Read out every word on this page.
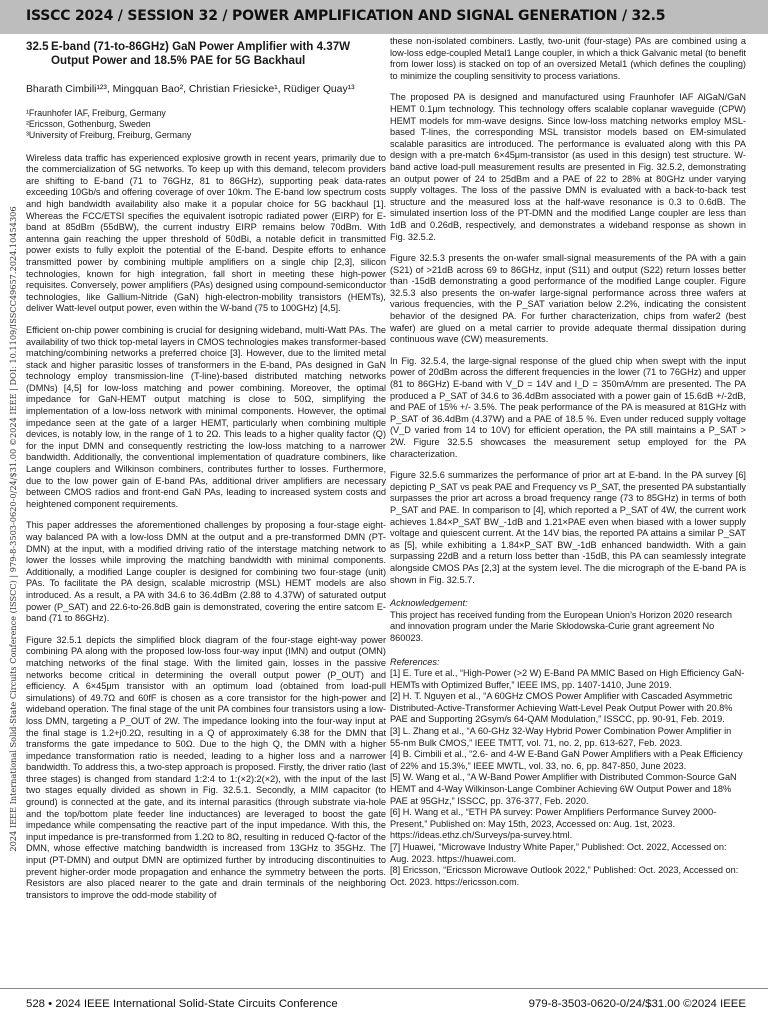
ISSCC 2024 / SESSION 32 / POWER AMPLIFICATION AND SIGNAL GENERATION / 32.5
2024 IEEE International Solid-State Circuits Conference (ISSCC) | 979-8-3503-0620-0/24/$31.00 ©2024 IEEE | DOI: 10.1109/ISSCC49657.2024.10454306
32.5 E-band (71-to-86GHz) GaN Power Amplifier with 4.37W Output Power and 18.5% PAE for 5G Backhaul
Bharath Cimbili¹²³, Mingquan Bao², Christian Friesicke¹, Rüdiger Quay¹³

¹Fraunhofer IAF, Freiburg, Germany

²Ericsson, Gothenburg, Sweden

³University of Freiburg, Freiburg, Germany

Wireless data traffic has experienced explosive growth in recent years, primarily due to the commercialization of 5G networks. To keep up with this demand, telecom providers are shifting to E-band (71 to 76GHz, 81 to 86GHz), supporting peak data-rates exceeding 10Gb/s and offering coverage of over 10km. The E-band low spectrum costs and high bandwidth availability also make it a popular choice for 5G backhaul [1]. Whereas the FCC/ETSI specifies the equivalent isotropic radiated power (EIRP) for E-band at 85dBm (55dBW), the current industry EIRP remains below 70dBm. With antenna gain reaching the upper threshold of 50dBi, a notable deficit in transmitted power exists to fully exploit the potential of the E-band. Despite efforts to enhance transmitted power by combining multiple amplifiers on a single chip [2,3], silicon technologies, known for high integration, fall short in meeting these high-power requisites. Conversely, power amplifiers (PAs) designed using compound-semiconductor technologies, like Gallium-Nitride (GaN) high-electron-mobility transistors (HEMTs), deliver Watt-level output power, even within the W-band (75 to 100GHz) [4,5].

Efficient on-chip power combining is crucial for designing wideband, multi-Watt PAs. The availability of two thick top-metal layers in CMOS technologies makes transformer-based matching/combining networks a preferred choice [3]. However, due to the limited metal stack and higher parasitic losses of transformers in the E-band, PAs designed in GaN technology employ transmission-line (T-line)-based distributed matching networks (DMNs) [4,5] for low-loss matching and power combining. Moreover, the optimal impedance for GaN-HEMT output matching is close to 50Ω, simplifying the implementation of a low-loss network with minimal components. However, the optimal impedance seen at the gate of a larger HEMT, particularly when combining multiple devices, is notably low, in the range of 1 to 2Ω. This leads to a higher quality factor (Q) for the input DMN and consequently restricting the low-loss matching to a narrower bandwidth. Additionally, the conventional implementation of quadrature combiners, like Lange couplers and Wilkinson combiners, contributes further to losses. Furthermore, due to the low power gain of E-band PAs, additional driver amplifiers are necessary between CMOS radios and front-end GaN PAs, leading to increased system costs and heightened component requirements.

This paper addresses the aforementioned challenges by proposing a four-stage eight-way balanced PA with a low-loss DMN at the output and a pre-transformed DMN (PT-DMN) at the input, with a modified driving ratio of the interstage matching network to lower the losses while improving the matching bandwidth with minimal components. Additionally, a modified Lange coupler is designed for combining two four-stage (unit) PAs. To facilitate the PA design, scalable microstrip (MSL) HEMT models are also introduced. As a result, a PA with 34.6 to 36.4dBm (2.88 to 4.37W) of saturated output power (P_SAT) and 22.6-to-26.8dB gain is demonstrated, covering the entire satcom E-band (71 to 86GHz).

Figure 32.5.1 depicts the simplified block diagram of the four-stage eight-way power combining PA along with the proposed low-loss four-way input (IMN) and output (OMN) matching networks of the final stage. With the limited gain, losses in the passive networks become critical in determining the overall output power (P_OUT) and efficiency. A 6×45μm transistor with an optimum load (obtained from load-pull simulations) of 49.7Ω and 60fF is chosen as a core transistor for the high-power and wideband operation. The final stage of the unit PA combines four transistors using a low-loss DMN, targeting a P_OUT of 2W. The impedance looking into the four-way input at the final stage is 1.2+j0.2Ω, resulting in a Q of approximately 6.38 for the DMN that transforms the gate impedance to 50Ω. Due to the high Q, the DMN with a higher impedance transformation ratio is needed, leading to a higher loss and a narrower bandwidth. To address this, a two-step approach is proposed. Firstly, the driver ratio (last three stages) is changed from standard 1:2:4 to 1:(×2):2(×2), with the input of the last two stages equally divided as shown in Fig. 32.5.1. Secondly, a MIM capacitor (to ground) is connected at the gate, and its internal parasitics (through substrate via-hole and the top/bottom plate feeder line inductances) are leveraged to boost the gate impedance while compensating the reactive part of the input impedance. With this, the input impedance is pre-transformed from 1.2Ω to 8Ω, resulting in reduced Q-factor of the DMN, whose effective matching bandwidth is increased from 13GHz to 35GHz. The input (PT-DMN) and output DMN are optimized further by introducing discontinuities to prevent higher-order mode propagation and enhance the symmetry between the ports. Resistors are also placed nearer to the gate and drain terminals of the neighboring transistors to improve the odd-mode stability of

these non-isolated combiners. Lastly, two-unit (four-stage) PAs are combined using a low-loss edge-coupled Metal1 Lange coupler, in which a thick Galvanic metal (to benefit from lower loss) is stacked on top of an oversized Metal1 (which defines the coupling) to minimize the coupling sensitivity to process variations.

The proposed PA is designed and manufactured using Fraunhofer IAF AlGaN/GaN HEMT 0.1μm technology. This technology offers scalable coplanar waveguide (CPW) HEMT models for mm-wave designs. Since low-loss matching networks employ MSL-based T-lines, the corresponding MSL transistor models based on EM-simulated scalable parasitics are introduced. The performance is evaluated along with this PA design with a pre-match 6×45μm-transistor (as used in this design) test structure. W-band active load-pull measurement results are presented in Fig. 32.5.2, demonstrating an output power of 24 to 25dBm and a PAE of 22 to 28% at 80GHz under varying supply voltages. The loss of the passive DMN is evaluated with a back-to-back test structure and the measured loss at the half-wave resonance is 0.3 to 0.6dB. The simulated insertion loss of the PT-DMN and the modified Lange coupler are less than 1dB and 0.26dB, respectively, and demonstrates a wideband response as shown in Fig. 32.5.2.

Figure 32.5.3 presents the on-wafer small-signal measurements of the PA with a gain (S21) of >21dB across 69 to 86GHz, input (S11) and output (S22) return losses better than -15dB demonstrating a good performance of the modified Lange coupler. Figure 32.5.3 also presents the on-wafer large-signal performance across three wafers at various frequencies, with the P_SAT variation below 2.2%, indicating the consistent behavior of the designed PA. For further characterization, chips from wafer2 (best wafer) are glued on a metal carrier to provide adequate thermal dissipation during continuous wave (CW) measurements.

In Fig. 32.5.4, the large-signal response of the glued chip when swept with the input power of 20dBm across the different frequencies in the lower (71 to 76GHz) and upper (81 to 86GHz) E-band with V_D = 14V and I_D = 350mA/mm are presented. The PA produced a P_SAT of 34.6 to 36.4dBm associated with a power gain of 15.6dB +/-2dB, and PAE of 15% +/- 3.5%. The peak performance of the PA is measured at 81GHz with P_SAT of 36.4dBm (4.37W) and a PAE of 18.5 %. Even under reduced supply voltage (V_D varied from 14 to 10V) for efficient operation, the PA still maintains a P_SAT > 2W. Figure 32.5.5 showcases the measurement setup employed for the PA characterization.

Figure 32.5.6 summarizes the performance of prior art at E-band. In the PA survey [6] depicting P_SAT vs peak PAE and Frequency vs P_SAT, the presented PA substantially surpasses the prior art across a broad frequency range (73 to 85GHz) in terms of both P_SAT and PAE. In comparison to [4], which reported a P_SAT of 4W, the current work achieves 1.84×P_SAT BW_-1dB and 1.21×PAE even when biased with a lower supply voltage and quiescent current. At the 14V bias, the reported PA attains a similar P_SAT as [5], while exhibiting a 1.84×P_SAT BW_-1dB enhanced bandwidth. With a gain surpassing 22dB and a return loss better than -15dB, this PA can seamlessly integrate alongside CMOS PAs [2,3] at the system level. The die micrograph of the E-band PA is shown in Fig. 32.5.7.

Acknowledgement:
This project has received funding from the European Union’s Horizon 2020 research and innovation program under the Marie Skłodowska-Curie grant agreement No 860023.
References:

[1] E. Ture et al., “High-Power (>2 W) E-Band PA MMIC Based on High Efficiency GaN-HEMTs with Optimized Buffer,” IEEE IMS, pp. 1407-1410, June 2019.

[2] H. T. Nguyen et al., “A 60GHz CMOS Power Amplifier with Cascaded Asymmetric Distributed-Active-Transformer Achieving Watt-Level Peak Output Power with 20.8% PAE and Supporting 2Gsym/s 64-QAM Modulation,” ISSCC, pp. 90-91, Feb. 2019.

[3] L. Zhang et al., “A 60-GHz 32-Way Hybrid Power Combination Power Amplifier in 55-nm Bulk CMOS,” IEEE TMTT, vol. 71, no. 2, pp. 613-627, Feb. 2023.

[4] B. Cimbili et al., “2.6- and 4-W E-Band GaN Power Amplifiers with a Peak Efficiency of 22% and 15.3%,” IEEE MWTL, vol. 33, no. 6, pp. 847-850, June 2023.

[5] W. Wang et al., “A W-Band Power Amplifier with Distributed Common-Source GaN HEMT and 4-Way Wilkinson-Lange Combiner Achieving 6W Output Power and 18% PAE at 95GHz,” ISSCC, pp. 376-377, Feb. 2020.

[6] H. Wang et al., “ETH PA survey: Power Amplifiers Performance Survey 2000-Present,” Published on: May 15th, 2023, Accessed on: Aug. 1st, 2023. https://ideas.ethz.ch/Surveys/pa-survey.html.

[7] Huawei, “Microwave Industry White Paper,” Published: Oct. 2022, Accessed on: Aug. 2023. https://huawei.com.

[8] Ericsson, “Ericsson Microwave Outlook 2022,” Published: Oct. 2023, Accessed on: Oct. 2023. https://ericsson.com.

528 • 2024 IEEE International Solid-State Circuits Conference	979-8-3503-0620-0/24/$31.00 ©2024 IEEE
